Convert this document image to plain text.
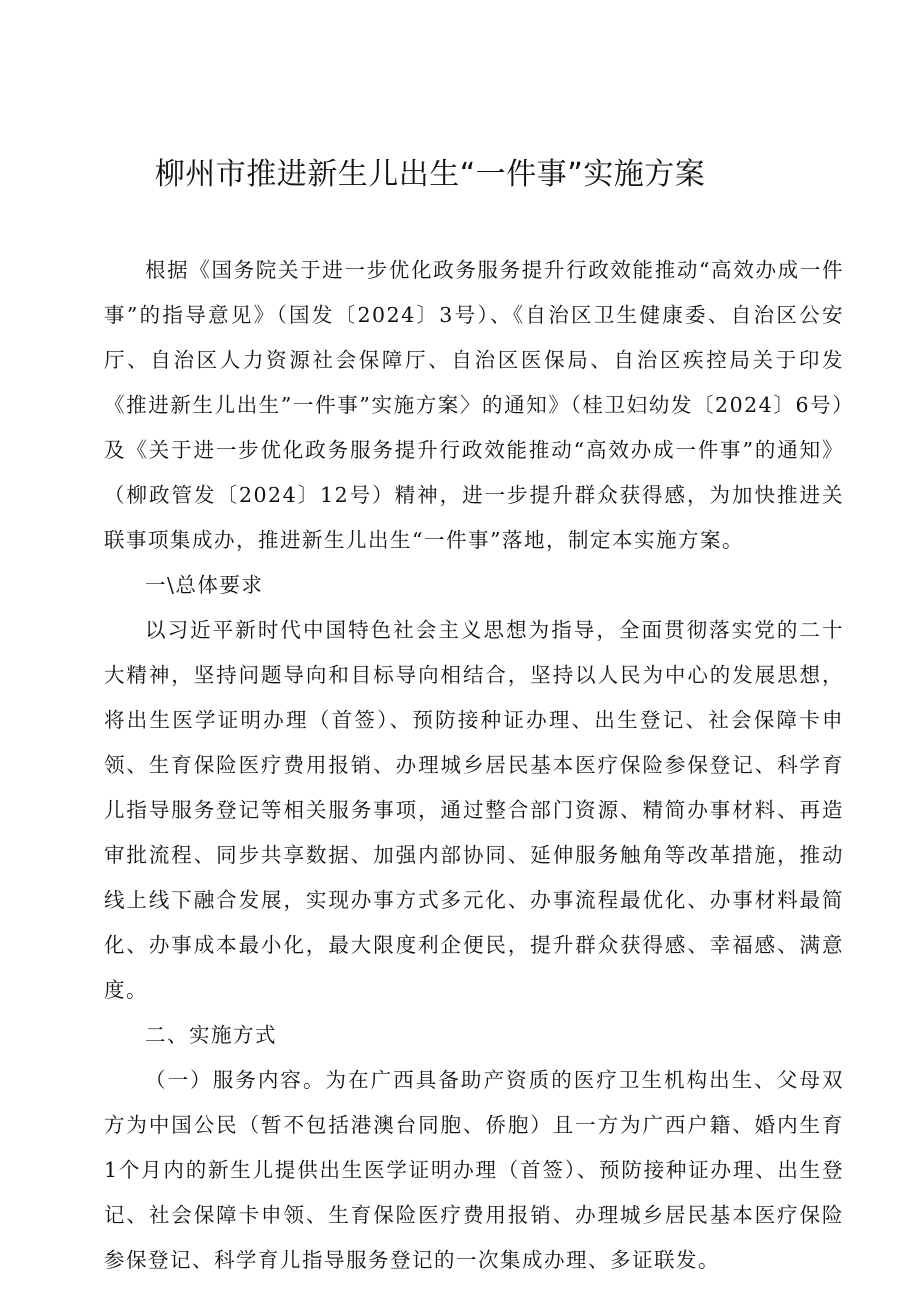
柳州市推进新生儿出生“一件事”实施方案

根据《国务院关于进一步优化政务服务提升行政效能推动“高效办成一件事”的指导意见》（国发〔2024〕3号）、《自治区卫生健康委、自治区公安厅、自治区人力资源社会保障厅、自治区医保局、自治区疾控局关于印发《推进新生儿出生”一件事”实施方案〉的通知》（桂卫妇幼发〔2024〕6号）及《关于进一步优化政务服务提升行政效能推动“高效办成一件事”的通知》（柳政管发〔2024〕12号）精神，进一步提升群众获得感，为加快推进关联事项集成办，推进新生儿出生“一件事”落地，制定本实施方案。

一\总体要求

以习近平新时代中国特色社会主义思想为指导，全面贯彻落实党的二十大精神，坚持问题导向和目标导向相结合，坚持以人民为中心的发展思想，将出生医学证明办理（首签）、预防接种证办理、出生登记、社会保障卡申领、生育保险医疗费用报销、办理城乡居民基本医疗保险参保登记、科学育儿指导服务登记等相关服务事项，通过整合部门资源、精简办事材料、再造审批流程、同步共享数据、加强内部协同、延伸服务触角等改革措施，推动线上线下融合发展，实现办事方式多元化、办事流程最优化、办事材料最简化、办事成本最小化，最大限度利企便民，提升群众获得感、幸福感、满意度。

二、实施方式

（一）服务内容。为在广西具备助产资质的医疗卫生机构出生、父母双方为中国公民（暂不包括港澳台同胞、侨胞）且一方为广西户籍、婚内生育1个月内的新生儿提供出生医学证明办理（首签）、预防接种证办理、出生登记、社会保障卡申领、生育保险医疗费用报销、办理城乡居民基本医疗保险参保登记、科学育儿指导服务登记的一次集成办理、多证联发。
